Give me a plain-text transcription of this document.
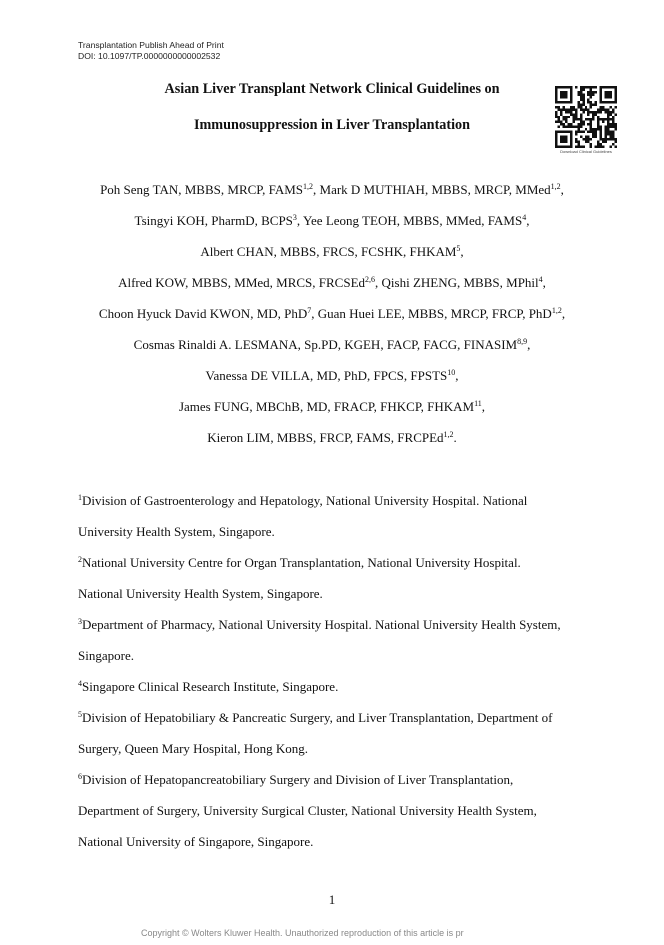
Transplantation Publish Ahead of Print
DOI: 10.1097/TP.0000000000002532
Asian Liver Transplant Network Clinical Guidelines on
Immunosuppression in Liver Transplantation
Download Clinical Guidelines
Poh Seng TAN, MBBS, MRCP, FAMS$^{1,2}$, Mark D MUTHIAH, MBBS, MRCP, MMed$^{1,2}$,
Tsingyi KOH, PharmD, BCPS$^3$, Yee Leong TEOH, MBBS, MMed, FAMS$^4$,
Albert CHAN, MBBS, FRCS, FCSHK, FHKAM$^5$,
Alfred KOW, MBBS, MMed, MRCS, FRCSEd$^{2,6}$, Qishi ZHENG, MBBS, MPhil$^4$,
Choon Hyuck David KWON, MD, PhD$^7$, Guan Huei LEE, MBBS, MRCP, FRCP, PhD$^{1,2}$,
Cosmas Rinaldi A. LESMANA, Sp.PD, KGEH, FACP, FACG, FINASIM$^{8,9}$,
Vanessa DE VILLA, MD, PhD, FPCS, FPSTS$^{10}$,
James FUNG, MBChB, MD, FRACP, FHKCP, FHKAM$^{11}$,
Kieron LIM, MBBS, FRCP, FAMS, FRCPEd$^{1,2}$.
$^1$Division of Gastroenterology and Hepatology, National University Hospital. National
University Health System, Singapore.
$^2$National University Centre for Organ Transplantation, National University Hospital.
National University Health System, Singapore.
$^3$Department of Pharmacy, National University Hospital. National University Health System,
Singapore.
$^4$Singapore Clinical Research Institute, Singapore.
$^5$Division of Hepatobiliary & Pancreatic Surgery, and Liver Transplantation, Department of
Surgery, Queen Mary Hospital, Hong Kong.
$^6$Division of Hepatopancreatobiliary Surgery and Division of Liver Transplantation,
Department of Surgery, University Surgical Cluster, National University Health System,
National University of Singapore, Singapore.
1
Copyright © Wolters Kluwer Health. Unauthorized reproduction of this article is pr
